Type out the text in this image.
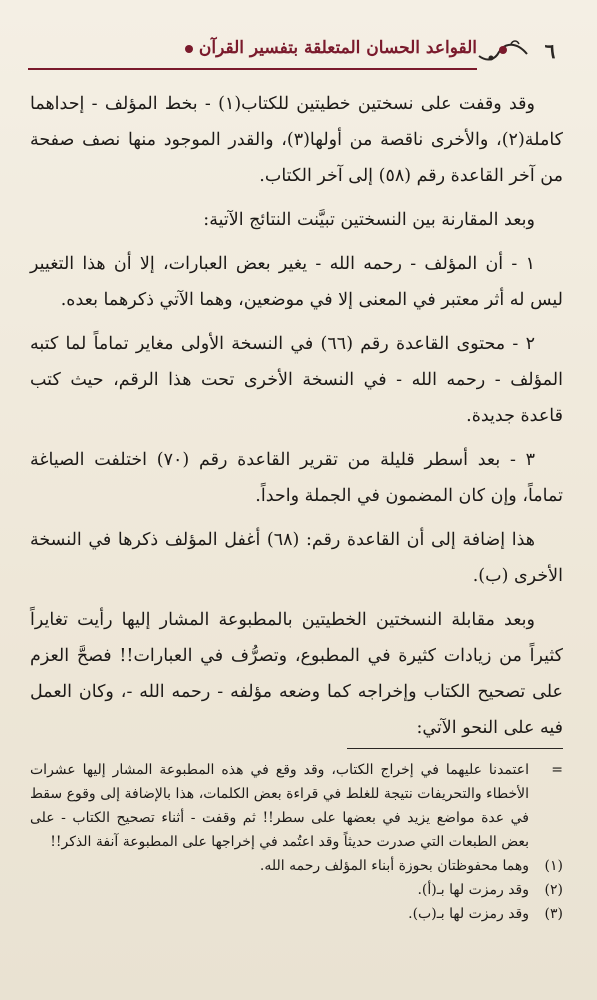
٦
القواعد الحسان المتعلقة بتفسير القرآن

وقد وقفت على نسختين خطيتين للكتاب(١) - بخط المؤلف - إحداهما كاملة(٢)، والأخرى ناقصة من أولها(٣)، والقدر الموجود منها نصف صفحة من آخر القاعدة رقم (٥٨) إلى آخر الكتاب.

وبعد المقارنة بين النسختين تبيَّنت النتائج الآتية:

١ - أن المؤلف - رحمه الله - يغير بعض العبارات، إلا أن هذا التغيير ليس له أثر معتبر في المعنى إلا في موضعين، وهما الآتي ذكرهما بعده.

٢ - محتوى القاعدة رقم (٦٦) في النسخة الأولى مغاير تماماً لما كتبه المؤلف - رحمه الله - في النسخة الأخرى تحت هذا الرقم، حيث كتب قاعدة جديدة.

٣ - بعد أسطر قليلة من تقرير القاعدة رقم (٧٠) اختلفت الصياغة تماماً، وإن كان المضمون في الجملة واحداً.

هذا إضافة إلى أن القاعدة رقم: (٦٨) أغفل المؤلف ذكرها في النسخة الأخرى (ب).

وبعد مقابلة النسختين الخطيتين بالمطبوعة المشار إليها رأيت تغايراً كثيراً من زيادات كثيرة في المطبوع، وتصرُّف في العبارات!! فصحَّ العزم على تصحيح الكتاب وإخراجه كما وضعه مؤلفه - رحمه الله -، وكان العمل فيه على النحو الآتي:

=
اعتمدنا عليهما في إخراج الكتاب، وقد وقع في هذه المطبوعة المشار إليها عشرات الأخطاء والتحريفات نتيجة للغلط في قراءة بعض الكلمات، هذا بالإضافة إلى وقوع سقط في عدة مواضع يزيد في بعضها على سطر!! ثم وقفت - أثناء تصحيح الكتاب - على بعض الطبعات التي صدرت حديثاً وقد اعتُمد في إخراجها على المطبوعة آنفة الذكر!!
(١)
وهما محفوظتان بحوزة أبناء المؤلف رحمه الله.
(٢)
وقد رمزت لها بـ(أ).
(٣)
وقد رمزت لها بـ(ب).
